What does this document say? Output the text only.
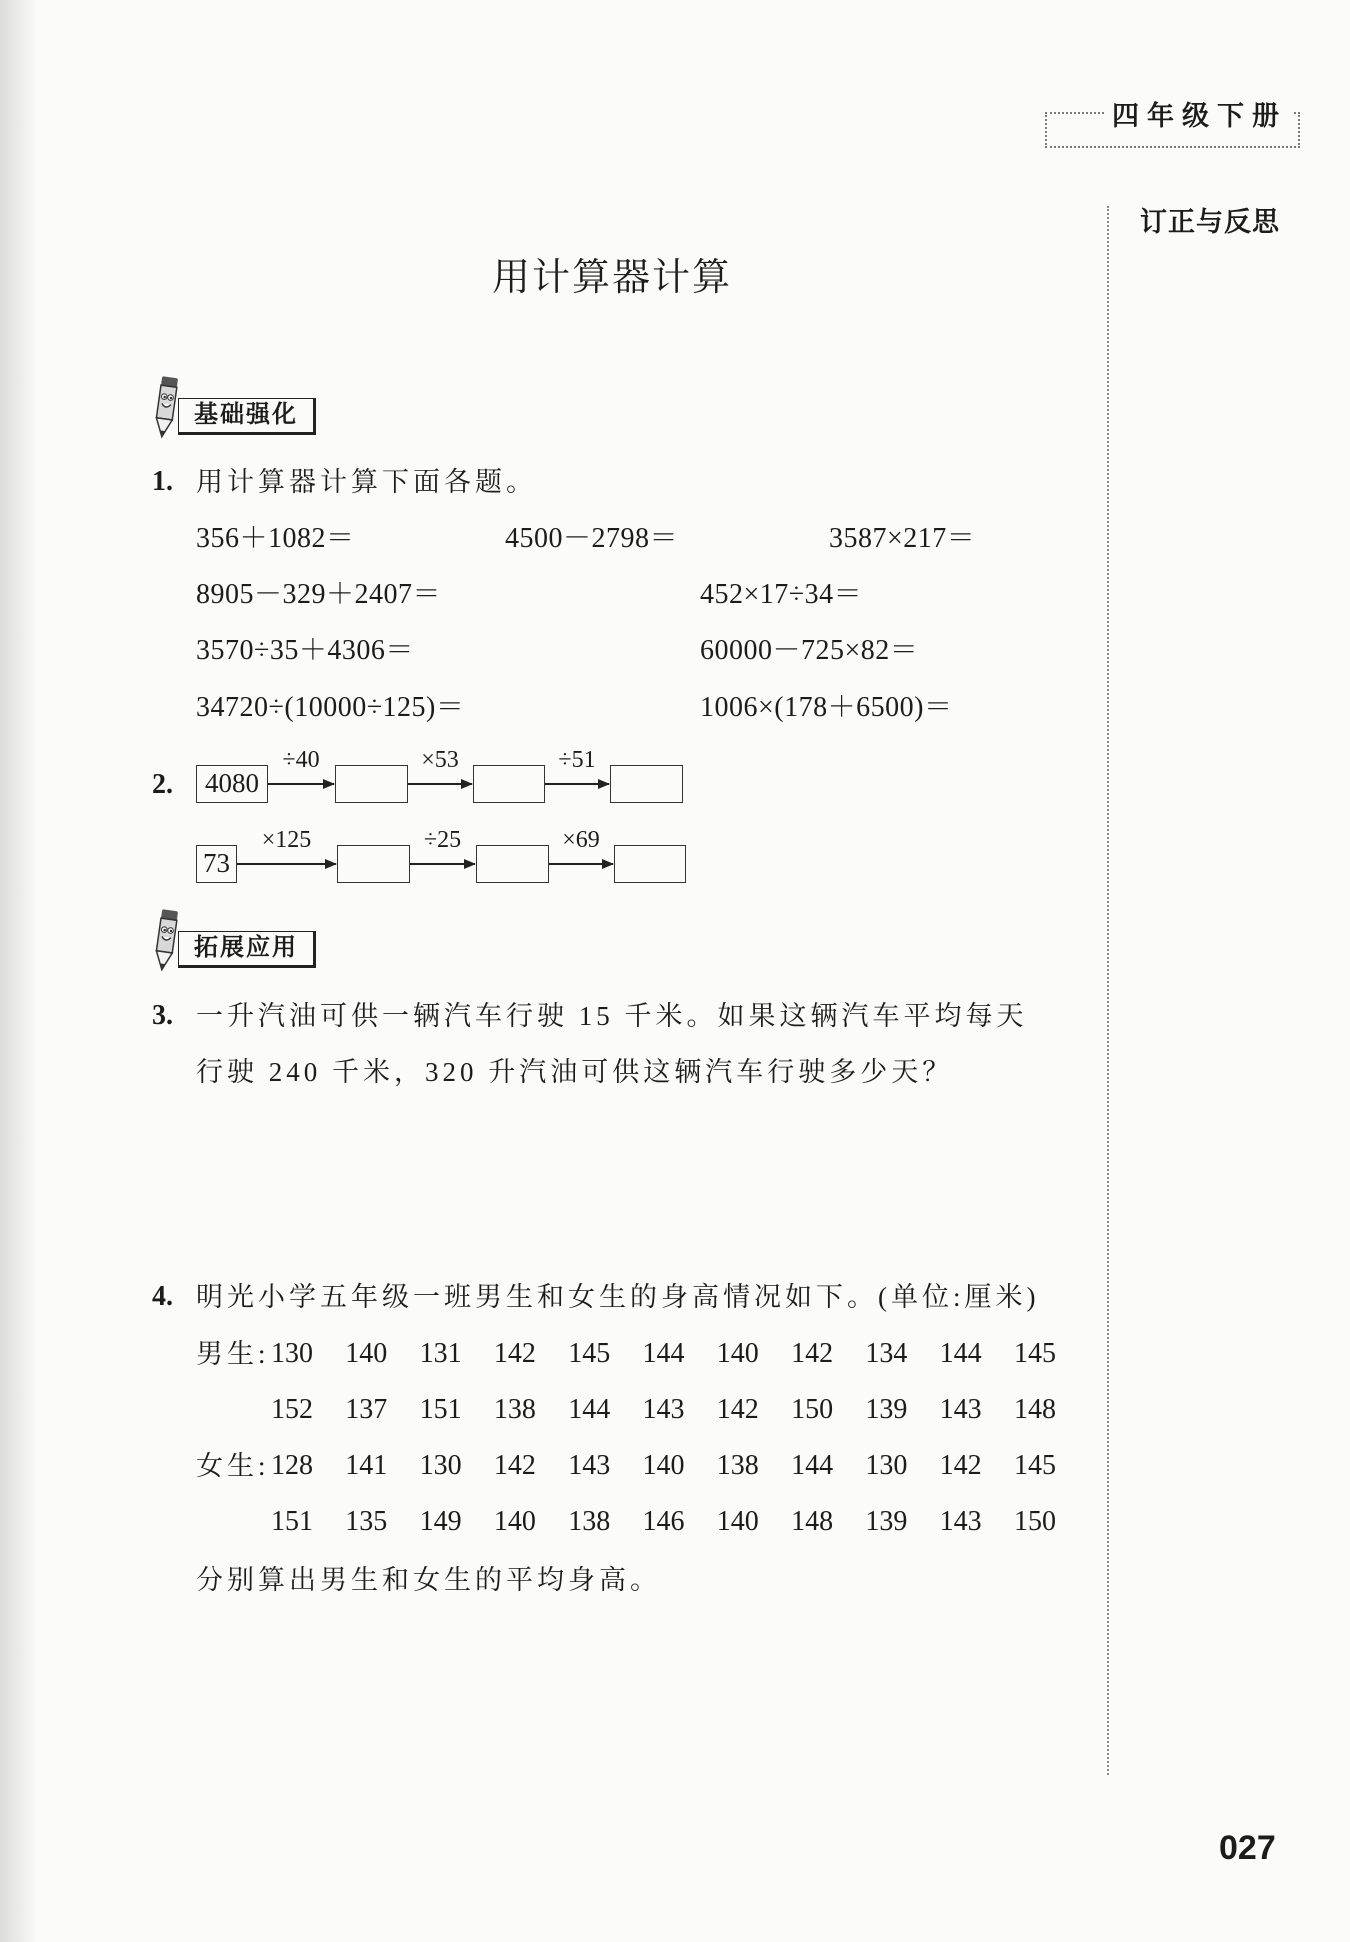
四年级下册
订正与反思
用计算器计算
基础强化
1. 用计算器计算下面各题。
356＋1082＝	4500－2798＝	3587×217＝
8905－329＋2407＝	452×17÷34＝
3570÷35＋4306＝	60000－725×82＝
34720÷(10000÷125)＝	1006×(178＋6500)＝
2.	4080
÷40	×53	÷51
73
×125	÷25	×69
拓展应用
3. 一升汽油可供一辆汽车行驶 15 千米。如果这辆汽车平均每天
行驶 240 千米，320 升汽油可供这辆汽车行驶多少天？
4. 明光小学五年级一班男生和女生的身高情况如下。(单位:厘米)
男生: 130	140	131	142	145	144	140	142	134	144	145
152	137	151	138	144	143	142	150	139	143	148
女生: 128	141	130	142	143	140	138	144	130	142	145
151	135	149	140	138	146	140	148	139	143	150
分别算出男生和女生的平均身高。
027
